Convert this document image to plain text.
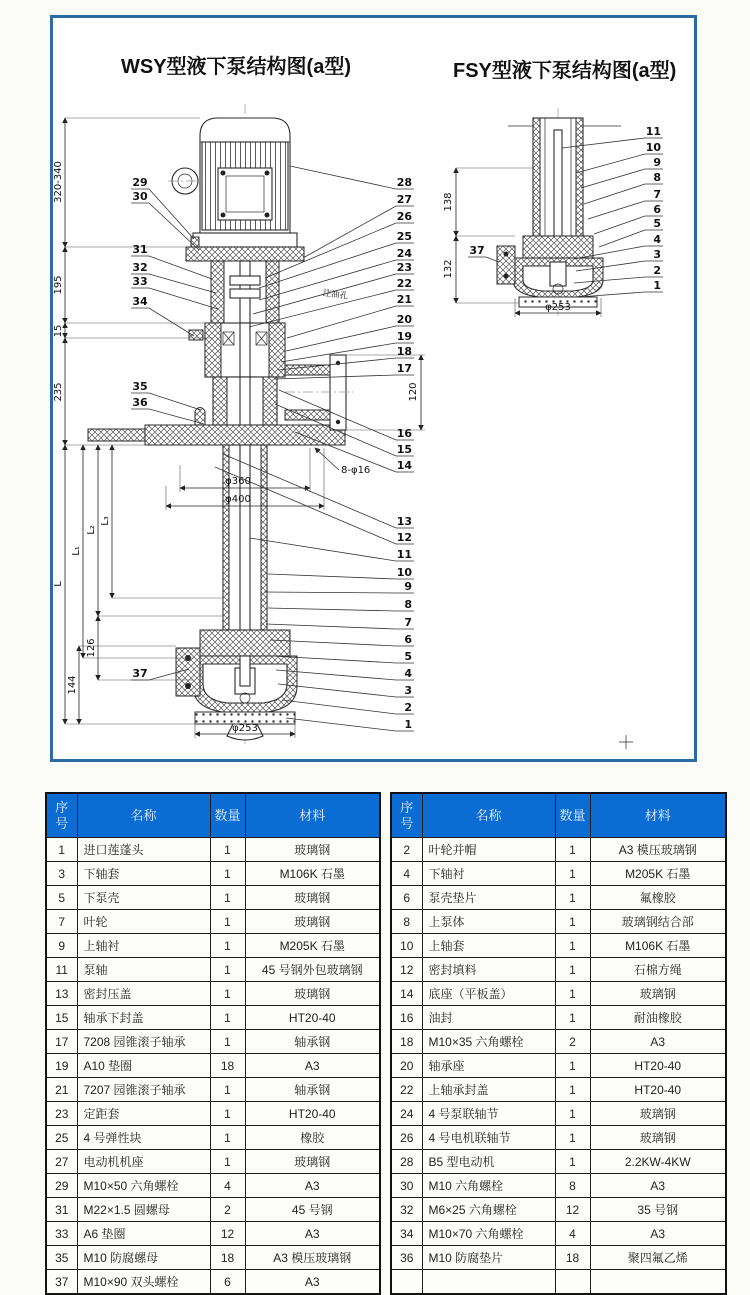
WSY型液下泵结构图(a型)	FSY型液下泵结构图(a型)
320-340
195
15
235
L
L₁
L₂
126
L₃
144
φ360
φ400
8-φ16
120
φ253
注油孔
28
27
26
25
24
23
22
21
20
19
18
17
16
15
14
13
12
11
10
9
8
7
6
5
4
3
2
1
29
30
31
32
33
34
35
36
37
138
132
φ253
11
10
9
8
7
6
5
4
3
2
1
37
序号	名称	数量	材料
1	进口莲蓬头	1	玻璃钢
3	下轴套	1	M106K 石墨
5	下泵壳	1	玻璃钢
7	叶轮	1	玻璃钢
9	上轴衬	1	M205K 石墨
11	泵轴	1	45 号钢外包玻璃钢
13	密封压盖	1	玻璃钢
15	轴承下封盖	1	HT20-40
17	7208 园锥滚子轴承	1	轴承钢
19	A10 垫圈	18	A3
21	7207 园锥滚子轴承	1	轴承钢
23	定距套	1	HT20-40
25	4 号弹性块	1	橡胶
27	电动机机座	1	玻璃钢
29	M10×50 六角螺栓	4	A3
31	M22×1.5 圆螺母	2	45 号钢
33	A6 垫圈	12	A3
35	M10 防腐螺母	18	A3 模压玻璃钢
37	M10×90 双头螺栓	6	A3
序号	名称	数量	材料
2	叶轮并帽	1	A3 模压玻璃钢
4	下轴衬	1	M205K 石墨
6	泵壳垫片	1	氟橡胶
8	上泵体	1	玻璃钢结合部
10	上轴套	1	M106K 石墨
12	密封填料	1	石棉方绳
14	底座（平板盖）	1	玻璃钢
16	油封	1	耐油橡胶
18	M10×35 六角螺栓	2	A3
20	轴承座	1	HT20-40
22	上轴承封盖	1	HT20-40
24	4 号泵联轴节	1	玻璃钢
26	4 号电机联轴节	1	玻璃钢
28	B5 型电动机	1	2.2KW-4KW
30	M10 六角螺栓	8	A3
32	M6×25 六角螺栓	12	35 号钢
34	M10×70 六角螺栓	4	A3
36	M10 防腐垫片	18	聚四氟乙烯
